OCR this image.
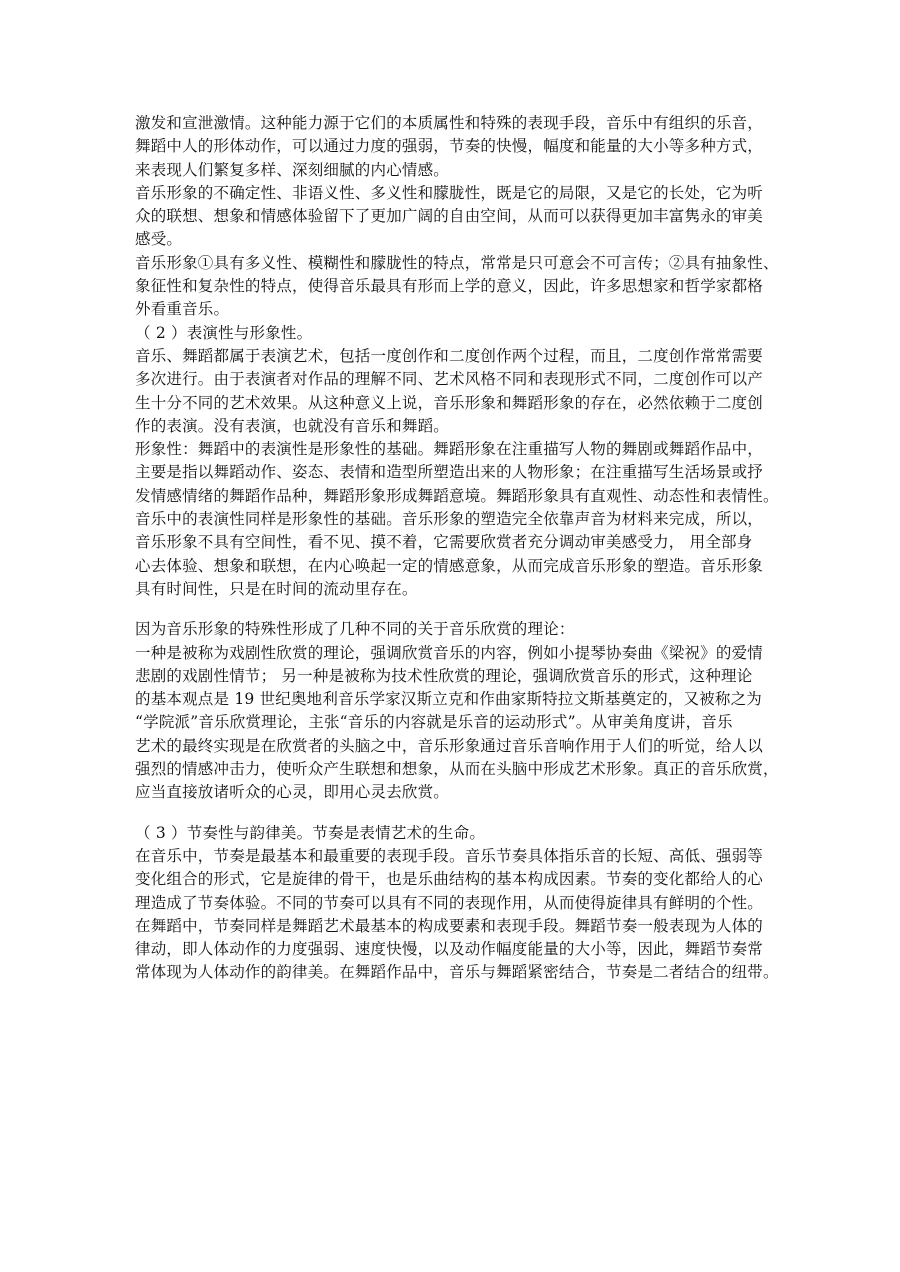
激发和宣泄激情。这种能力源于它们的本质属性和特殊的表现手段，音乐中有组织的乐音，
舞蹈中人的形体动作，可以通过力度的强弱，节奏的快慢，幅度和能量的大小等多种方式，
来表现人们繁复多样、深刻细腻的内心情感。
音乐形象的不确定性、非语义性、多义性和朦胧性，既是它的局限，又是它的长处，它为听
众的联想、想象和情感体验留下了更加广阔的自由空间，从而可以获得更加丰富隽永的审美
感受。
音乐形象①具有多义性、模糊性和朦胧性的特点，常常是只可意会不可言传；②具有抽象性、
象征性和复杂性的特点，使得音乐最具有形而上学的意义，因此，许多思想家和哲学家都格
外看重音乐。
（ 2 ）表演性与形象性。
音乐、舞蹈都属于表演艺术，包括一度创作和二度创作两个过程，而且，二度创作常常需要
多次进行。由于表演者对作品的理解不同、艺术风格不同和表现形式不同，二度创作可以产
生十分不同的艺术效果。从这种意义上说，音乐形象和舞蹈形象的存在，必然依赖于二度创
作的表演。没有表演，也就没有音乐和舞蹈。
形象性：舞蹈中的表演性是形象性的基础。舞蹈形象在注重描写人物的舞剧或舞蹈作品中，
主要是指以舞蹈动作、姿态、表情和造型所塑造出来的人物形象；在注重描写生活场景或抒
发情感情绪的舞蹈作品种，舞蹈形象形成舞蹈意境。舞蹈形象具有直观性、动态性和表情性。
音乐中的表演性同样是形象性的基础。音乐形象的塑造完全依靠声音为材料来完成，所以，
音乐形象不具有空间性，看不见、摸不着，它需要欣赏者充分调动审美感受力， 用全部身
心去体验、想象和联想，在内心唤起一定的情感意象，从而完成音乐形象的塑造。音乐形象
具有时间性，只是在时间的流动里存在。
因为音乐形象的特殊性形成了几种不同的关于音乐欣赏的理论：
一种是被称为戏剧性欣赏的理论，强调欣赏音乐的内容，例如小提琴协奏曲《梁祝》的爱情
悲剧的戏剧性情节； 另一种是被称为技术性欣赏的理论，强调欣赏音乐的形式，这种理论
的基本观点是 19 世纪奥地利音乐学家汉斯立克和作曲家斯特拉文斯基奠定的，又被称之为
“学院派”音乐欣赏理论，主张“音乐的内容就是乐音的运动形式”。从审美角度讲，音乐
艺术的最终实现是在欣赏者的头脑之中，音乐形象通过音乐音响作用于人们的听觉，给人以
强烈的情感冲击力，使听众产生联想和想象，从而在头脑中形成艺术形象。真正的音乐欣赏，
应当直接放诸听众的心灵，即用心灵去欣赏。
（ 3 ）节奏性与韵律美。节奏是表情艺术的生命。
在音乐中，节奏是最基本和最重要的表现手段。音乐节奏具体指乐音的长短、高低、强弱等
变化组合的形式，它是旋律的骨干，也是乐曲结构的基本构成因素。节奏的变化都给人的心
理造成了节奏体验。不同的节奏可以具有不同的表现作用，从而使得旋律具有鲜明的个性。
在舞蹈中，节奏同样是舞蹈艺术最基本的构成要素和表现手段。舞蹈节奏一般表现为人体的
律动，即人体动作的力度强弱、速度快慢，以及动作幅度能量的大小等，因此，舞蹈节奏常
常体现为人体动作的韵律美。在舞蹈作品中，音乐与舞蹈紧密结合，节奏是二者结合的纽带。
